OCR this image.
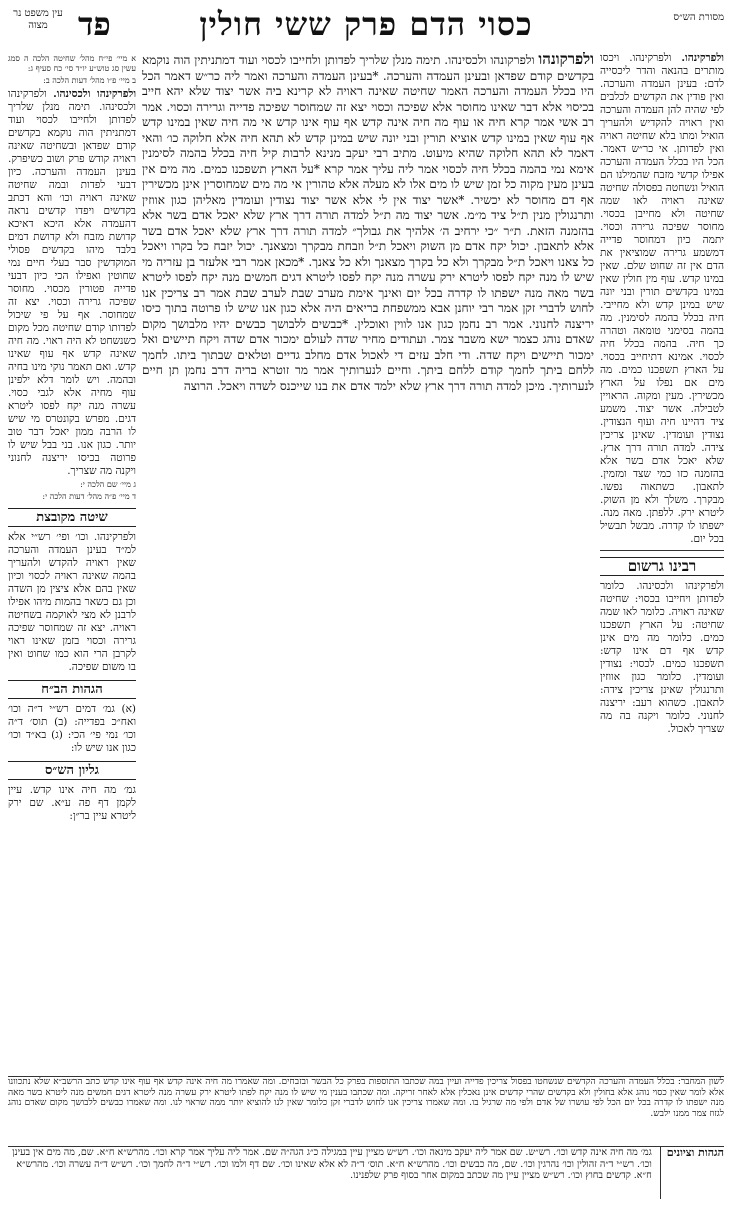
מסורת הש״ס
כסוי הדם פרק ששי חולין
פד
עין משפט נר מצוה
ולפרקינהו. ולפרקינהו. ויכסו מותרים בהנאה והדר ליכסייה לדם: בעינן העמדה והערכה. ואין פודין את הקדשים לכלבים לפי שהיה להן העמדה והערכה ואין ראויה להקדיש ולהעריך הואיל ומתו בלא שחיטה ראויה ואין לפדותן. אי כר״ש דאמר. הכל היו בכלל העמדה והערכה אפילו קדשי מזבח שהמילנו הם הואיל ונשחטה בפסולה שחיטה שאינה ראויה לאו שמה שחיטה ולא מחייבן בכסוי. מחוסר שפיכה גרירה וכסוי. יתמה כיון דמחוסר פדייה דמשמע גרירה שמוציאין את הדם אין זה שחוט שלם. שאין במינו קדש. עוף מין חולין שאין במינו בקדשים תורין ובני יונה שיש במינן קדש ולא מחייבי. חיה בכלל בהמה לסימנין. מה בהמה בסימני טומאה וטהרה כך חיה. בהמה בכלל חיה לכסוי. אמינא דתיחייב בכסוי. על הארץ תשפכנו כמים. מה מים אם נפלו על הארץ מכשירין. מעין ומקוה. הראויין לטבילה. אשר יצוד. משמע ציד דהיינו חיה ועוף הנצודין. נצודין ועומדין. שאינן צריכין צידה. למדה תורה דרך ארץ. שלא יאכל אדם בשר אלא בהזמנה כזו כמי שצד ומזמין. לתאבון. כשתאוה נפשו. מבקרך. משלך ולא מן השוק. ליטרא ירק. ללפתן. מאה מנה. ישפתו לו קדרה. מבשל תבשיל בכל יום.
רבינו גרשום
ולפרקינהו ולכסינהו. כלומר לפדותן ויחייבו בכסוי: שחיטה שאינה ראויה. כלומר לאו שמה שחיטה: על הארץ תשפכנו כמים. כלומר מה מים אינן קדש אף דם אינו קדש: תשפכנו כמים. לכסוי: נצודין ועומדין. כלומר כגון אווזין ותרנגולין שאינן צריכין צידה: לתאבון. כשהוא רעב: יריצנה לחנוני. כלומר ויקנה בה מה שצריך לאכול.
ולפרקונהו ולפרקונהו ולכסינהו. תימה מנלן שלריך לפדותן ולחייבו לכסוי ועוד דמתניתין הוה נוקמא בקדשים קודם שפדאן ובעינן העמדה והערכה. *בעינן העמדה והערכה ואמר ליה כר״ש דאמר הכל היו בכלל העמדה והערכה האמר שחיטה שאינה ראויה לא קרינא ביה אשר יצוד שלא יהא חייב בכיסוי אלא דבר שאינו מחוסר אלא שפיכה וכסוי יצא זה שמחוסר שפיכה פדייה וגרירה וכסוי. אמר רב אשי אמר קרא חיה או עוף מה חיה אינה קדש אף עוף אינו קדש אי מה חיה שאין במינו קדש אף עוף שאין במינו קדש אוציא תורין ובני יונה שיש במינן קדש לא תהא חיה אלא חלוקה כו׳ והאי דאמר לא תהא חלוקה שהיא מיעוט. מתיב רבי יעקב מנינא לרבות קיל חיה בכלל בהמה לסימנין אימא נמי בהמה בכלל חיה לכסוי אמר ליה עליך אמר קרא *על הארץ תשפכנו כמים. מה מים אין בעינן מעין מקוה כל זמן שיש לו מים אלו לא מעלה אלא טהורין אי מה מים שמחוסרין אינן מכשירין אף דם מחוסר לא יכשיר. *אשר יצוד אין לי אלא אשר יצוד נצודין ועומדין מאליהן כגון אווזין ותרנגולין מנין ת״ל ציד מ״מ. אשר יצוד מה ת״ל למדה תורה דרך ארץ שלא יאכל אדם בשר אלא בהזמנה הזאת. ת״ר ״כי ירחיב ה׳ אלהיך את גבולך״ למדה תורה דרך ארץ שלא יאכל אדם בשר אלא לתאבון. יכול יקח אדם מן השוק ויאכל ת״ל וזבחת מבקרך ומצאנך. יכול יזבח כל בקרו ויאכל כל צאנו ויאכל ת״ל מבקרך ולא כל בקרך מצאנך ולא כל צאנך. *מכאן אמר רבי אלעזר בן עזריה מי שיש לו מנה יקח לפסו ליטרא ירק עשרה מנה יקח לפסו ליטרא דגים חמשים מנה יקח לפסו ליטרא בשר מאה מנה ישפתו לו קדרה בכל יום ואינך אימת מערב שבת לערב שבת אמר רב צריכין אנו לחוש לדברי זקן אמר רבי יוחנן אבא ממשפחת בריאים היה אלא כגון אנו שיש לו פרוטה בתוך כיסו יריצנה לחנוני. אמר רב נחמן כגון אנו לווין ואוכלין. *כבשים ללבושך כבשים יהיו מלבושך מקום שאדם נוהג כצמר ישא משבר צמר. ועתודים מחיר שדה לעולם ימכור אדם שדה ויקח תיישים ואל ימכור תיישים ויקח שדה. ודי חלב עזים די לאכול אדם מחלב גדיים וטלאים שבתוך ביתו. לחמך ללחם ביתך לחמך קודם ללחם ביתך. וחיים לנערותיך אמר מר זוטרא בריה דרב נחמן תן חיים לנערותיך. מיכן למדה תורה דרך ארץ שלא ילמד אדם את בנו שייכנס לשדה ויאכל. הרוצה
א מיי׳ פי״ח מהל׳ שחיטה הלכה ה סמג עשין סג טוש״ע יו״ד סי׳ כח סעיף ג:
ב מיי׳ פ״ו מהל׳ דעות הלכה ב:
ולפרקינהו ולכסינהו. ולפרקינהו ולכסינהו. תימה מנלן שלריך לפדותן ולחייבו לכסוי ועוד דמתניתין הוה נוקמא בקדשים קודם שפדאן ובשחיטה שאינה ראויה קודש פרק ושוב כשיפרק. בעינן העמדה והערכה. כיון דבעי לפדות ובמה שחיטה שאינה ראויה וכו׳ והא דכתב בקדשים ויפדו קדשים נראה דהעמדה אלא היכא דאיכא קדושת מזבח ולא קדושת דמים בלבד מיהו בקדשים פסולי המוקדשין סבר בעלי חיים נמי שחוטין ואפילו הכי כיון דבעי פדייה פטורין מכסוי. מחוסר שפיכה גרירה וכסוי. יצא זה שמחוסר. אף על פי שיכול לפדותו קודם שחיטה מכל מקום כשנשחט לא היה ראוי. מה חיה שאינה קדש אף עוף שאינו קדש. ואם תאמר נוקי מינו בחיה ובהמה. ויש לומר דלא ילפינן עוף מחיה אלא לגבי כסוי. עשרה מנה יקח לפסו ליטרא דגים. מפרש בקונטרס מי שיש לו הרבה ממון יאכל דבר טוב יותר. כגון אנו. בני בבל שיש לו פרוטה בכיסו יריצנה לחנוני ויקנה מה שצריך.
ג מיי׳ שם הלכה י:
ד מיי׳ פ״ה מהל׳ דעות הלכה י:
שיטה מקובצת
ולפרקינהו. וכו׳ ופי׳ רש״י אלא למ״ד בעינן העמדה והערכה שאין ראויה להקדש ולהעריך בהמה שאינה ראויה לכסוי וכיון שאין בהם אלא ציצין מן השדה וכן גם כשאר בהמות מיהו אפילו לרבנן לא מצי לאוקמה בשחיטה ראויה. יצא זה שמחוסר שפיכה גרירה וכסוי בזמן שאינו ראוי לקרבן הרי הוא כמו שחוט ואין בו משום שפיכה.
הגהות הב״ח
(א) גמ׳ דמים רש״י ד״ה וכו׳ ואח״כ בפדייה: (ב) תוס׳ ד״ה וכו׳ נמי פי׳ הכי: (ג) בא״ד וכו׳ כגון אנו שיש לו:
גליון הש״ס
גמ׳ מה חיה אינו קדש. עיין לקמן דף פה ע״א. שם ירק ליטרא עיין בר״ן:
לשון המחבר: בכלל העמדה והערכה הקדשים שנשחטו בפסול צריכין פדייה ועיין במה שכתבו התוספות בפרק כל הבשר ובזבחים. ומה שאמרו מה חיה אינה קדש אף עוף אינו קדש כתב הרשב״א שלא נתכוונו אלא לומר שאין כסוי נוהג אלא בחולין ולא בקדשים שהרי קדשים אינן נאכלין אלא לאחר זריקה. ומה שכתבו בענין מי שיש לו מנה יקח לפתו ליטרא ירק עשרה מנה ליטרא דגים חמשים מנה ליטרא בשר מאה מנה ישפתו לו קדרה בכל יום הכל לפי עושרו של אדם ולפי מה שרגיל בו. ומה שאמרו צריכין אנו לחוש לדברי זקן כלומר שאין לנו להוציא יותר ממה שראוי לנו. ומה שאמרו כבשים ללבושך מקום שאדם נוהג לגזוז צמר ממנו ילבש.
הגהות וציונים
גמ׳ מה חיה אינה קדש וכו׳. רש״ש. שם אמר ליה יעקב מינאה וכו׳. רש״ש מציין עיין במגילה כ״ג הגה״ה שם. אמר ליה עליך אמר קרא וכו׳. מהרש״א ח״א. שם, מה מים אין בעינן וכו׳. רש״י ד״ה זהולין וכו׳ נהרגין וכו׳. שם, מה כבשים וכו׳. מהרש״א ח״א. תוס׳ ד״ה לא אלא שאינו וכו׳. שם דף ולמו וכו׳. רש״י ד״ה לחמך וכו׳. רש״ש ד״ה עשרה וכו׳. מהרש״א ח״א. קדשים בחוץ וכו׳. רש״ש מציין עיין מה שכתב במקום אחר בסוף פרק שלפנינו.
